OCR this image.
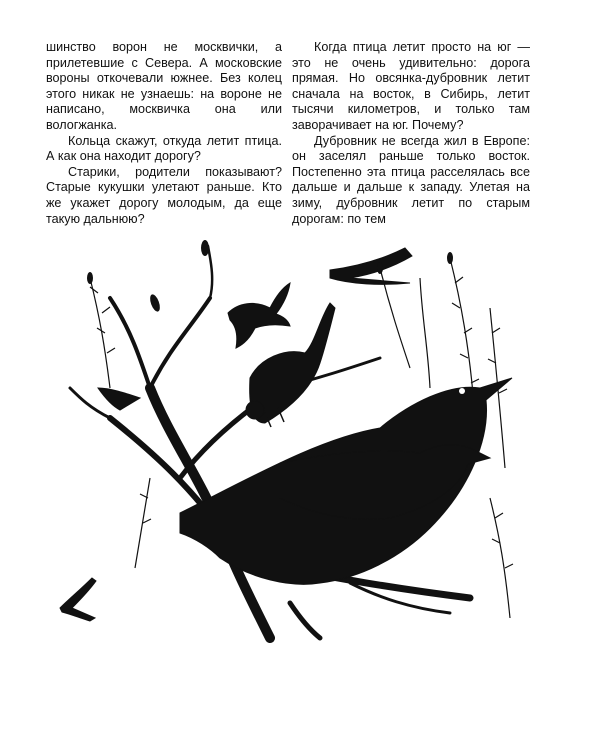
шинство ворон не москвички, а прилетевшие с Севера. А московские вороны откочевали южнее. Без колец этого никак не узнаешь: на вороне не написано, москвичка она или вологжанка.

Кольца скажут, откуда летит птица. А как она находит дорогу?

Старики, родители показывают? Старые кукушки улетают раньше. Кто же укажет дорогу молодым, да еще такую дальнюю?

Когда птица летит просто на юг — это не очень удивительно: дорога прямая. Но овсянка-дубровник летит сначала на восток, в Сибирь, летит тысячи километров, и только там заворачивает на юг. Почему?

Дубровник не всегда жил в Европе: он заселял раньше только восток. Постепенно эта птица расселялась все дальше и дальше к западу. Улетая на зиму, дубровник летит по старым дорогам: по тем
